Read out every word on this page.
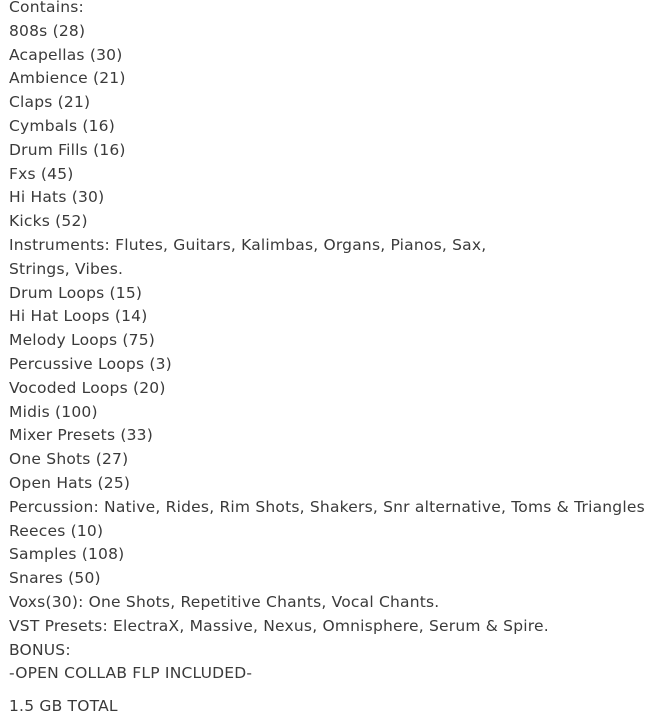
Contains:
808s (28)
Acapellas (30)
Ambience (21)
Claps (21)
Cymbals (16)
Drum Fills (16)
Fxs (45)
Hi Hats (30)
Kicks (52)
Instruments: Flutes, Guitars, Kalimbas, Organs, Pianos, Sax,
Strings, Vibes.
Drum Loops (15)
Hi Hat Loops (14)
Melody Loops (75)
Percussive Loops (3)
Vocoded Loops (20)
Midis (100)
Mixer Presets (33)
One Shots (27)
Open Hats (25)
Percussion: Native, Rides, Rim Shots, Shakers, Snr alternative, Toms & Triangles
Reeces (10)
Samples (108)
Snares (50)
Voxs(30): One Shots, Repetitive Chants, Vocal Chants.
VST Presets: ElectraX, Massive, Nexus, Omnisphere, Serum & Spire.
BONUS:
-OPEN COLLAB FLP INCLUDED-
1.5 GB TOTAL
